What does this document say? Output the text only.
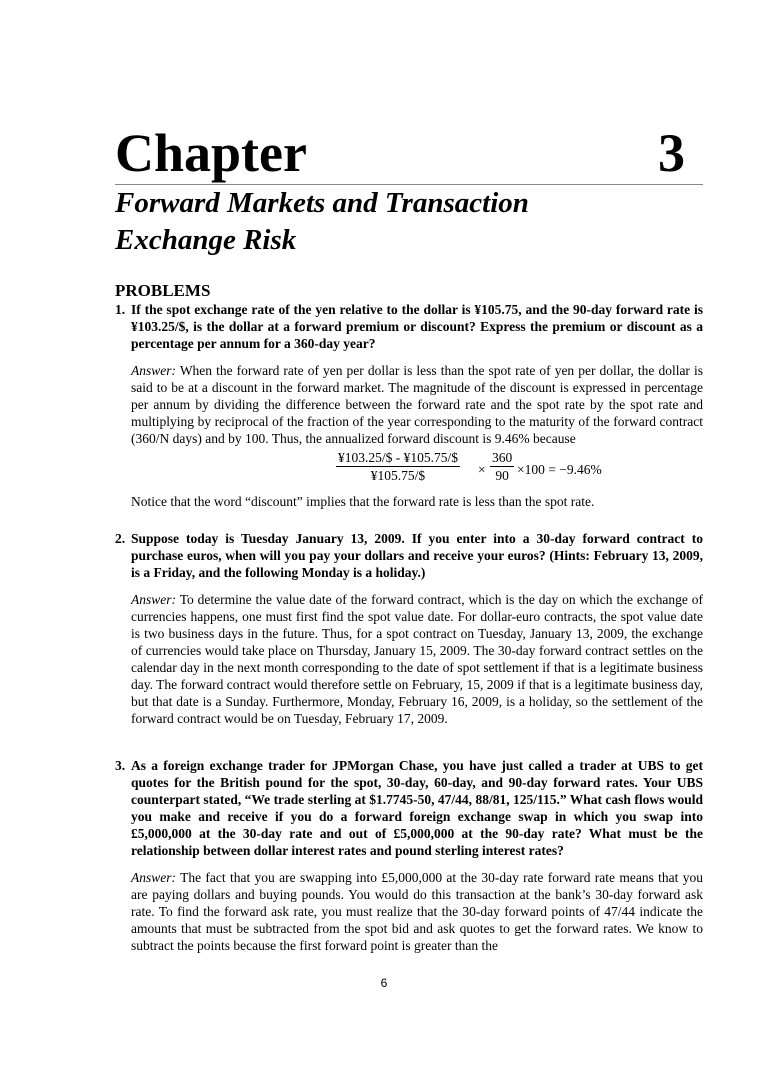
Chapter	3
Forward Markets and Transaction
Exchange Risk
PROBLEMS
1. If the spot exchange rate of the yen relative to the dollar is ¥105.75, and the 90-day forward rate is ¥103.25/$, is the dollar at a forward premium or discount? Express the premium or discount as a percentage per annum for a 360-day year?
Answer: When the forward rate of yen per dollar is less than the spot rate of yen per dollar, the dollar is said to be at a discount in the forward market. The magnitude of the discount is expressed in percentage per annum by dividing the difference between the forward rate and the spot rate by the spot rate and multiplying by reciprocal of the fraction of the year corresponding to the maturity of the forward contract (360/N days) and by 100. Thus, the annualized forward discount is 9.46% because
$\frac{¥103.25/\$ - ¥105.75/\$}{¥105.75/\$} \times \frac{360}{90} \times 100 = -9.46\%$
Notice that the word “discount” implies that the forward rate is less than the spot rate.
2. Suppose today is Tuesday January 13, 2009. If you enter into a 30-day forward contract to purchase euros, when will you pay your dollars and receive your euros? (Hints: February 13, 2009, is a Friday, and the following Monday is a holiday.)
Answer: To determine the value date of the forward contract, which is the day on which the exchange of currencies happens, one must first find the spot value date. For dollar-euro contracts, the spot value date is two business days in the future. Thus, for a spot contract on Tuesday, January 13, 2009, the exchange of currencies would take place on Thursday, January 15, 2009. The 30-day forward contract settles on the calendar day in the next month corresponding to the date of spot settlement if that is a legitimate business day. The forward contract would therefore settle on February, 15, 2009 if that is a legitimate business day, but that date is a Sunday. Furthermore, Monday, February 16, 2009, is a holiday, so the settlement of the forward contract would be on Tuesday, February 17, 2009.
3. As a foreign exchange trader for JPMorgan Chase, you have just called a trader at UBS to get quotes for the British pound for the spot, 30-day, 60-day, and 90-day forward rates. Your UBS counterpart stated, “We trade sterling at $1.7745-50, 47/44, 88/81, 125/115.” What cash flows would you make and receive if you do a forward foreign exchange swap in which you swap into £5,000,000 at the 30-day rate and out of £5,000,000 at the 90-day rate? What must be the relationship between dollar interest rates and pound sterling interest rates?
Answer: The fact that you are swapping into £5,000,000 at the 30-day rate forward rate means that you are paying dollars and buying pounds. You would do this transaction at the bank’s 30-day forward ask rate. To find the forward ask rate, you must realize that the 30-day forward points of 47/44 indicate the amounts that must be subtracted from the spot bid and ask quotes to get the forward rates. We know to subtract the points because the first forward point is greater than the
6
